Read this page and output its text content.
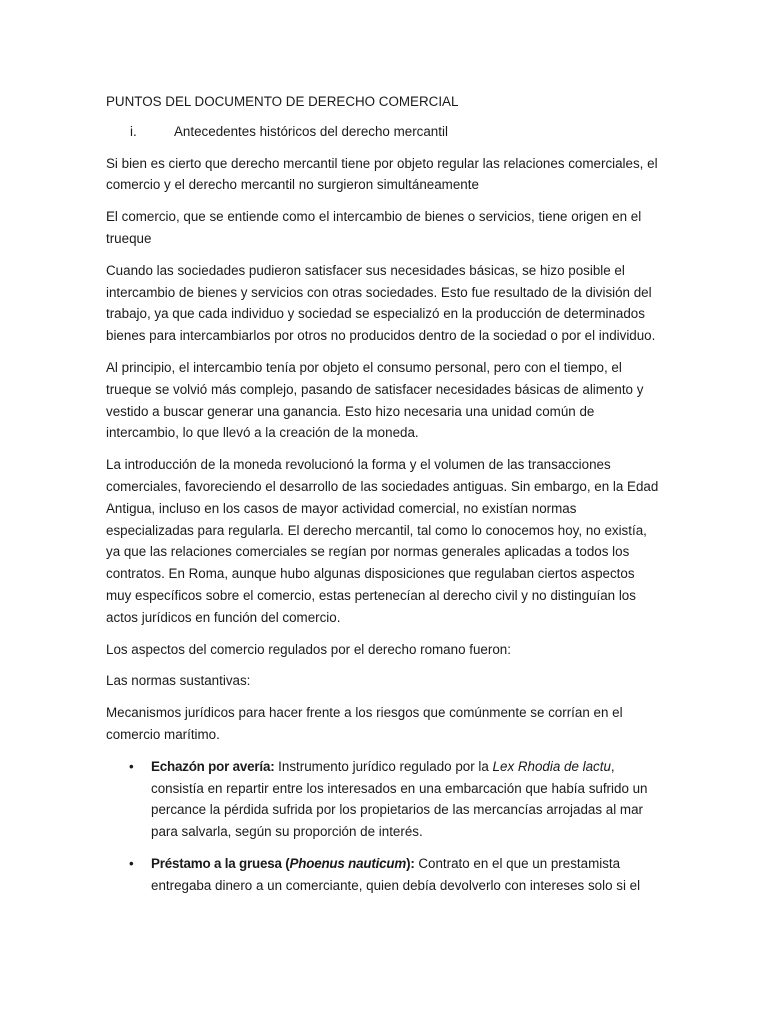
PUNTOS DEL DOCUMENTO DE DERECHO COMERCIAL
i.	Antecedentes históricos del derecho mercantil

Si bien es cierto que derecho mercantil tiene por objeto regular las relaciones comerciales, el comercio y el derecho mercantil no surgieron simultáneamente

El comercio, que se entiende como el intercambio de bienes o servicios, tiene origen en el trueque

Cuando las sociedades pudieron satisfacer sus necesidades básicas, se hizo posible el intercambio de bienes y servicios con otras sociedades. Esto fue resultado de la división del trabajo, ya que cada individuo y sociedad se especializó en la producción de determinados bienes para intercambiarlos por otros no producidos dentro de la sociedad o por el individuo.

Al principio, el intercambio tenía por objeto el consumo personal, pero con el tiempo, el trueque se volvió más complejo, pasando de satisfacer necesidades básicas de alimento y vestido a buscar generar una ganancia. Esto hizo necesaria una unidad común de intercambio, lo que llevó a la creación de la moneda.

La introducción de la moneda revolucionó la forma y el volumen de las transacciones comerciales, favoreciendo el desarrollo de las sociedades antiguas. Sin embargo, en la Edad Antigua, incluso en los casos de mayor actividad comercial, no existían normas especializadas para regularla. El derecho mercantil, tal como lo conocemos hoy, no existía, ya que las relaciones comerciales se regían por normas generales aplicadas a todos los contratos. En Roma, aunque hubo algunas disposiciones que regulaban ciertos aspectos muy específicos sobre el comercio, estas pertenecían al derecho civil y no distinguían los actos jurídicos en función del comercio.

Los aspectos del comercio regulados por el derecho romano fueron:

Las normas sustantivas:

Mecanismos jurídicos para hacer frente a los riesgos que comúnmente se corrían en el comercio marítimo.

• Echazón por avería: Instrumento jurídico regulado por la Lex Rhodia de lactu, consistía en repartir entre los interesados en una embarcación que había sufrido un percance la pérdida sufrida por los propietarios de las mercancías arrojadas al mar para salvarla, según su proporción de interés.
• Préstamo a la gruesa (Phoenus nauticum): Contrato en el que un prestamista entregaba dinero a un comerciante, quien debía devolverlo con intereses solo si el
